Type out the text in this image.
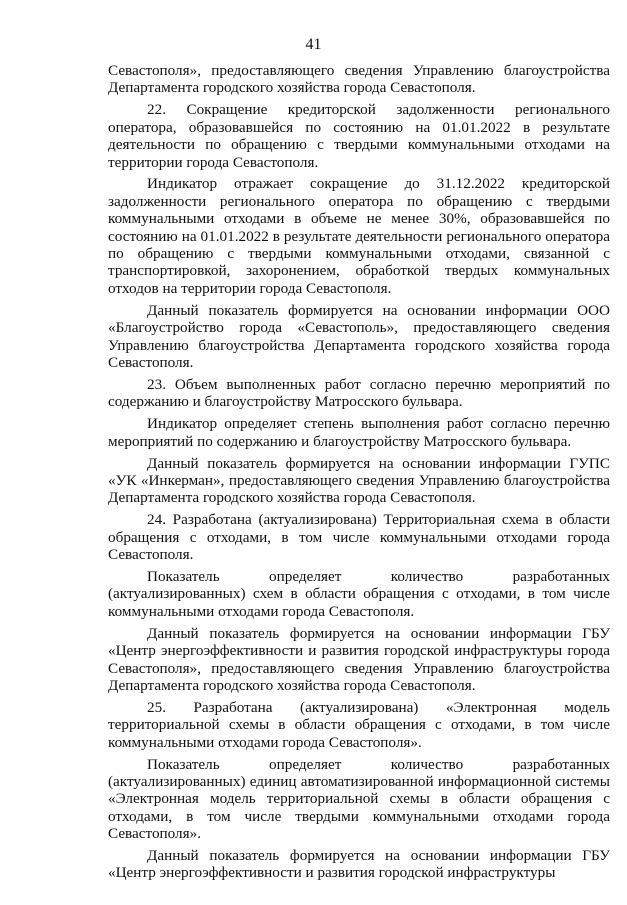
41

Севастополя», предоставляющего сведения Управлению благоустройства Департамента городского хозяйства города Севастополя.

22. Сокращение кредиторской задолженности регионального оператора, образовавшейся по состоянию на 01.01.2022 в результате деятельности по обращению с твердыми коммунальными отходами на территории города Севастополя.

Индикатор отражает сокращение до 31.12.2022 кредиторской задолженности регионального оператора по обращению с твердыми коммунальными отходами в объеме не менее 30%, образовавшейся по состоянию на 01.01.2022 в результате деятельности регионального оператора по обращению с твердыми коммунальными отходами, связанной с транспортировкой, захоронением, обработкой твердых коммунальных отходов на территории города Севастополя.

Данный показатель формируется на основании информации ООО «Благоустройство города «Севастополь», предоставляющего сведения Управлению благоустройства Департамента городского хозяйства города Севастополя.

23. Объем выполненных работ согласно перечню мероприятий по содержанию и благоустройству Матросского бульвара.

Индикатор определяет степень выполнения работ согласно перечню мероприятий по содержанию и благоустройству Матросского бульвара.

Данный показатель формируется на основании информации ГУПС «УК «Инкерман», предоставляющего сведения Управлению благоустройства Департамента городского хозяйства города Севастополя.

24. Разработана (актуализирована) Территориальная схема в области обращения с отходами, в том числе коммунальными отходами города Севастополя.

Показатель определяет количество разработанных (актуализированных) схем в области обращения с отходами, в том числе коммунальными отходами города Севастополя.

Данный показатель формируется на основании информации ГБУ «Центр энергоэффективности и развития городской инфраструктуры города Севастополя», предоставляющего сведения Управлению благоустройства Департамента городского хозяйства города Севастополя.

25. Разработана (актуализирована) «Электронная модель территориальной схемы в области обращения с отходами, в том числе коммунальными отходами города Севастополя».

Показатель определяет количество разработанных (актуализированных) единиц автоматизированной информационной системы «Электронная модель территориальной схемы в области обращения с отходами, в том числе твердыми коммунальными отходами города Севастополя».

Данный показатель формируется на основании информации ГБУ «Центр энергоэффективности и развития городской инфраструктуры
